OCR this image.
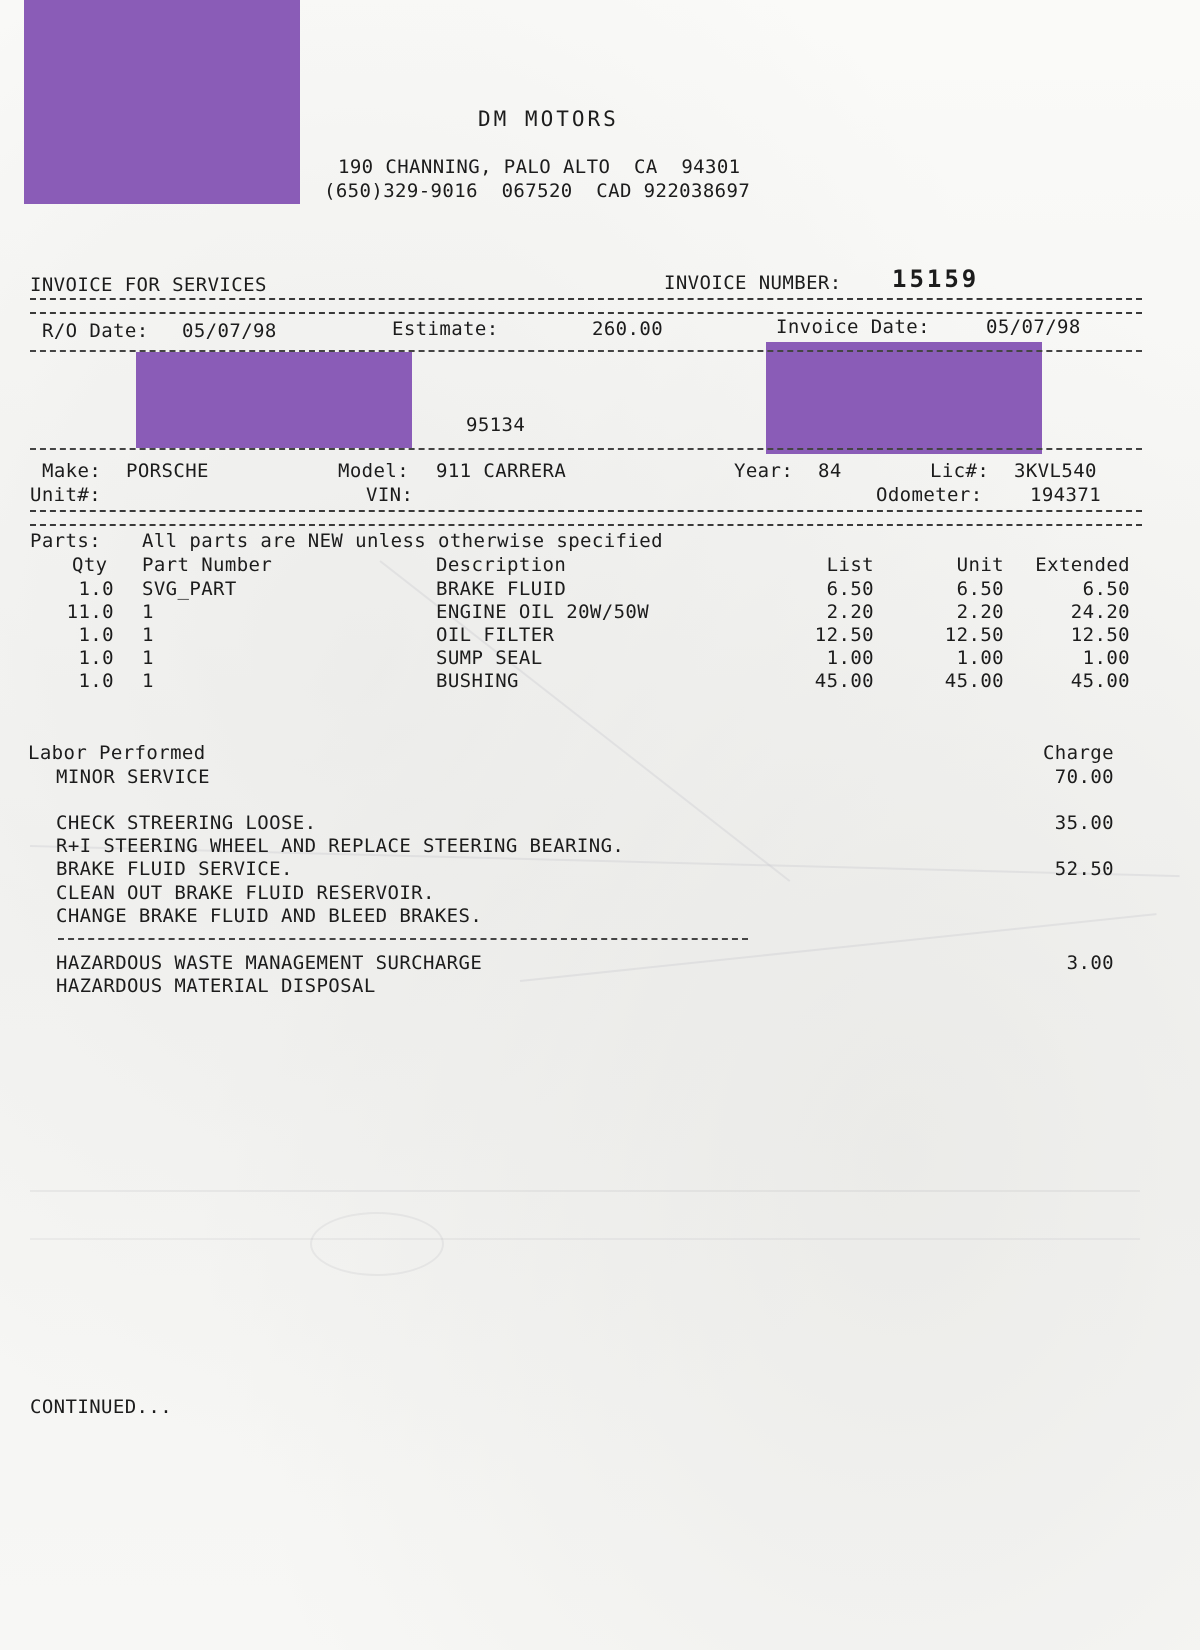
DM MOTORS
190 CHANNING, PALO ALTO  CA  94301
(650)329-9016  067520  CAD 922038697
INVOICE FOR SERVICES	INVOICE NUMBER: 15159
R/O Date: 05/07/98	Estimate:	260.00	Invoice Date:	05/07/98
95134
Make: PORSCHE	Model: 911 CARRERA	Year: 84	Lic#: 3KVL540
Unit#:	VIN:	Odometer: 194371
Parts: All parts are NEW unless otherwise specified
Qty Part Number	Description	List	Unit	Extended
1.0 SVG_PART	BRAKE FLUID	6.50	6.50	6.50
11.0 1	ENGINE OIL 20W/50W	2.20	2.20	24.20
1.0 1	OIL FILTER	12.50	12.50	12.50
1.0 1	SUMP SEAL	1.00	1.00	1.00
1.0 1	BUSHING	45.00	45.00	45.00
Labor Performed	Charge
MINOR SERVICE	70.00
CHECK STREERING LOOSE.	35.00
R+I STEERING WHEEL AND REPLACE STEERING BEARING.
BRAKE FLUID SERVICE.	52.50
CLEAN OUT BRAKE FLUID RESERVOIR.
CHANGE BRAKE FLUID AND BLEED BRAKES.
HAZARDOUS WASTE MANAGEMENT SURCHARGE	3.00
HAZARDOUS MATERIAL DISPOSAL
CONTINUED...
